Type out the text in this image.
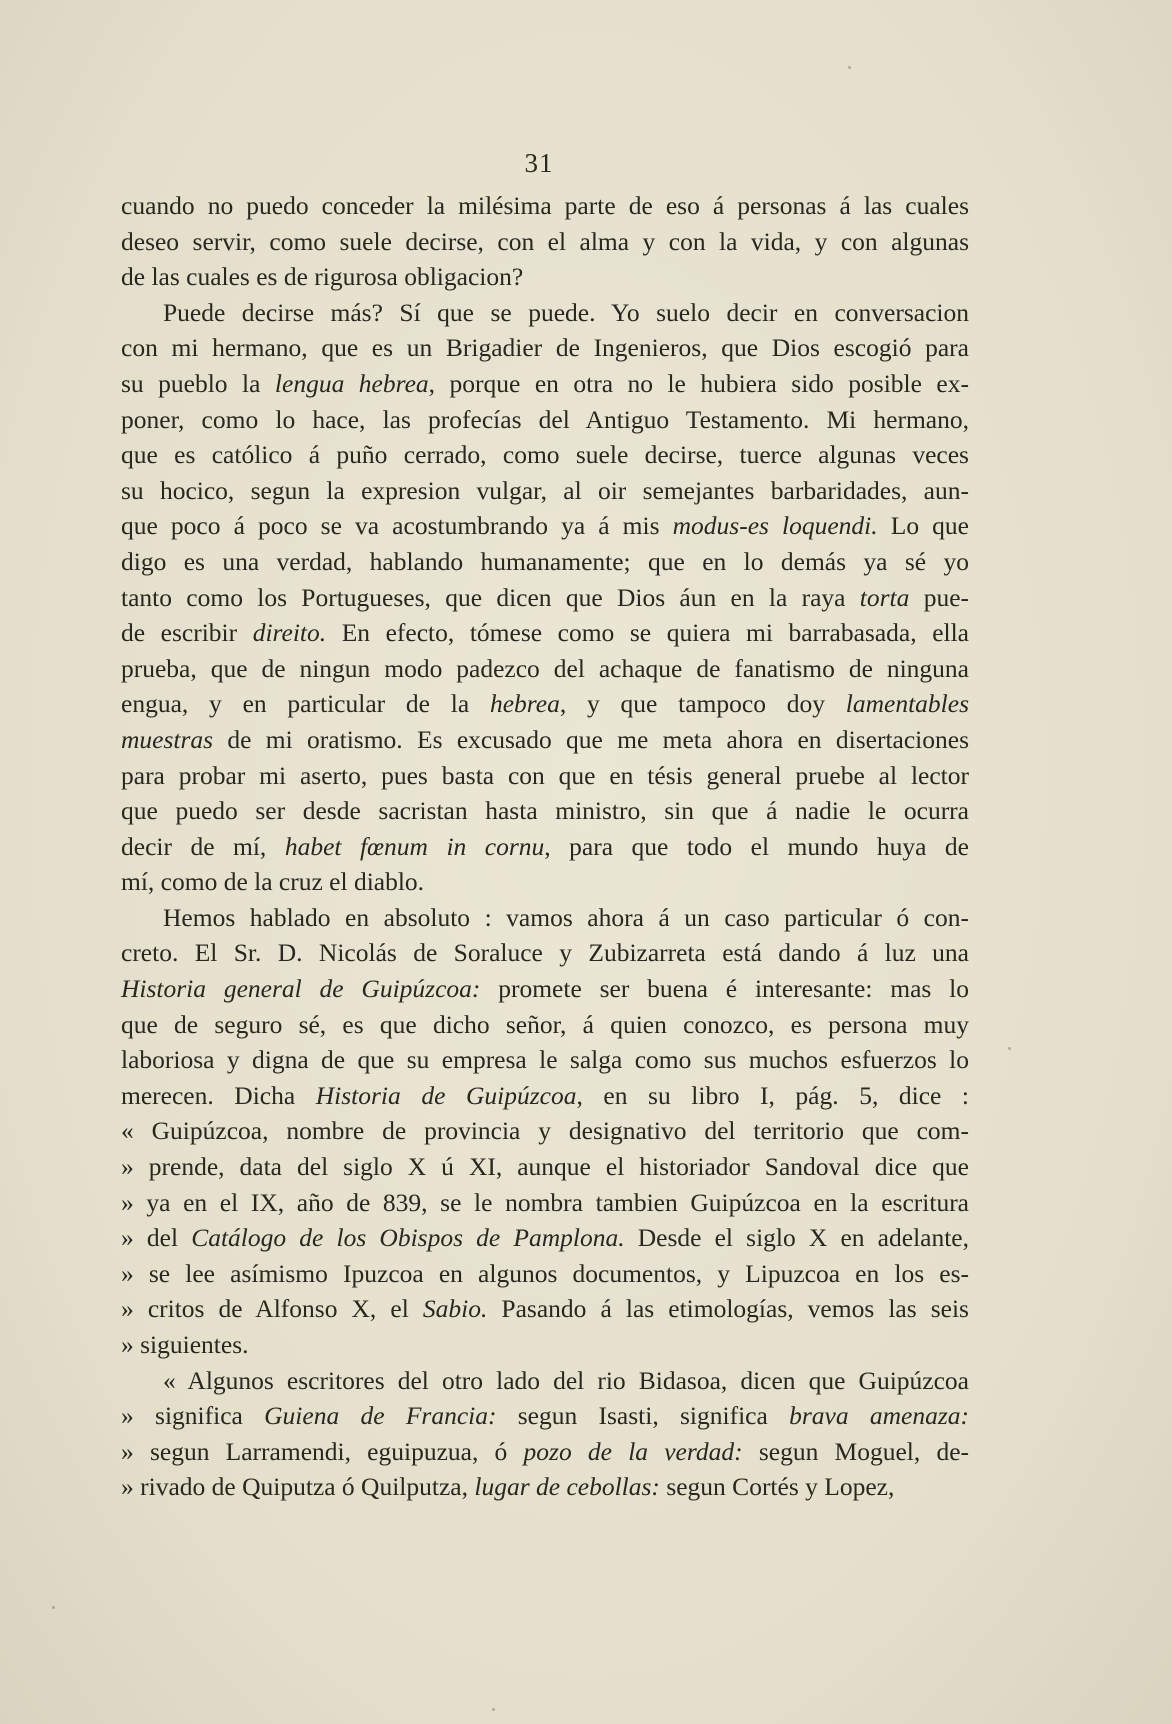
31
cuando no puedo conceder la milésima parte de eso á personas á las cuales
deseo servir, como suele decirse, con el alma y con la vida, y con algunas
de las cuales es de rigurosa obligacion?
Puede decirse más? Sí que se puede. Yo suelo decir en conversacion
con mi hermano, que es un Brigadier de Ingenieros, que Dios escogió para
su pueblo la lengua hebrea, porque en otra no le hubiera sido posible ex-
poner, como lo hace, las profecías del Antiguo Testamento. Mi hermano,
que es católico á puño cerrado, como suele decirse, tuerce algunas veces
su hocico, segun la expresion vulgar, al oir semejantes barbaridades, aun-
que poco á poco se va acostumbrando ya á mis modus-es loquendi. Lo que
digo es una verdad, hablando humanamente; que en lo demás ya sé yo
tanto como los Portugueses, que dicen que Dios áun en la raya torta pue-
de escribir direito. En efecto, tómese como se quiera mi barrabasada, ella
prueba, que de ningun modo padezco del achaque de fanatismo de ninguna
engua, y en particular de la hebrea, y que tampoco doy lamentables
muestras de mi oratismo. Es excusado que me meta ahora en disertaciones
para probar mi aserto, pues basta con que en tésis general pruebe al lector
que puedo ser desde sacristan hasta ministro, sin que á nadie le ocurra
decir de mí, habet fœnum in cornu, para que todo el mundo huya de
mí, como de la cruz el diablo.
Hemos hablado en absoluto : vamos ahora á un caso particular ó con-
creto. El Sr. D. Nicolás de Soraluce y Zubizarreta está dando á luz una
Historia general de Guipúzcoa: promete ser buena é interesante: mas lo
que de seguro sé, es que dicho señor, á quien conozco, es persona muy
laboriosa y digna de que su empresa le salga como sus muchos esfuerzos lo
merecen. Dicha Historia de Guipúzcoa, en su libro I, pág. 5, dice :
« Guipúzcoa, nombre de provincia y designativo del territorio que com-
» prende, data del siglo X ú XI, aunque el historiador Sandoval dice que
» ya en el IX, año de 839, se le nombra tambien Guipúzcoa en la escritura
» del Catálogo de los Obispos de Pamplona. Desde el siglo X en adelante,
» se lee asímismo Ipuzcoa en algunos documentos, y Lipuzcoa en los es-
» critos de Alfonso X, el Sabio. Pasando á las etimologías, vemos las seis
» siguientes.
« Algunos escritores del otro lado del rio Bidasoa, dicen que Guipúzcoa
» significa Guiena de Francia: segun Isasti, significa brava amenaza:
» segun Larramendi, eguipuzua, ó pozo de la verdad: segun Moguel, de-
» rivado de Quiputza ó Quilputza, lugar de cebollas: segun Cortés y Lopez,
